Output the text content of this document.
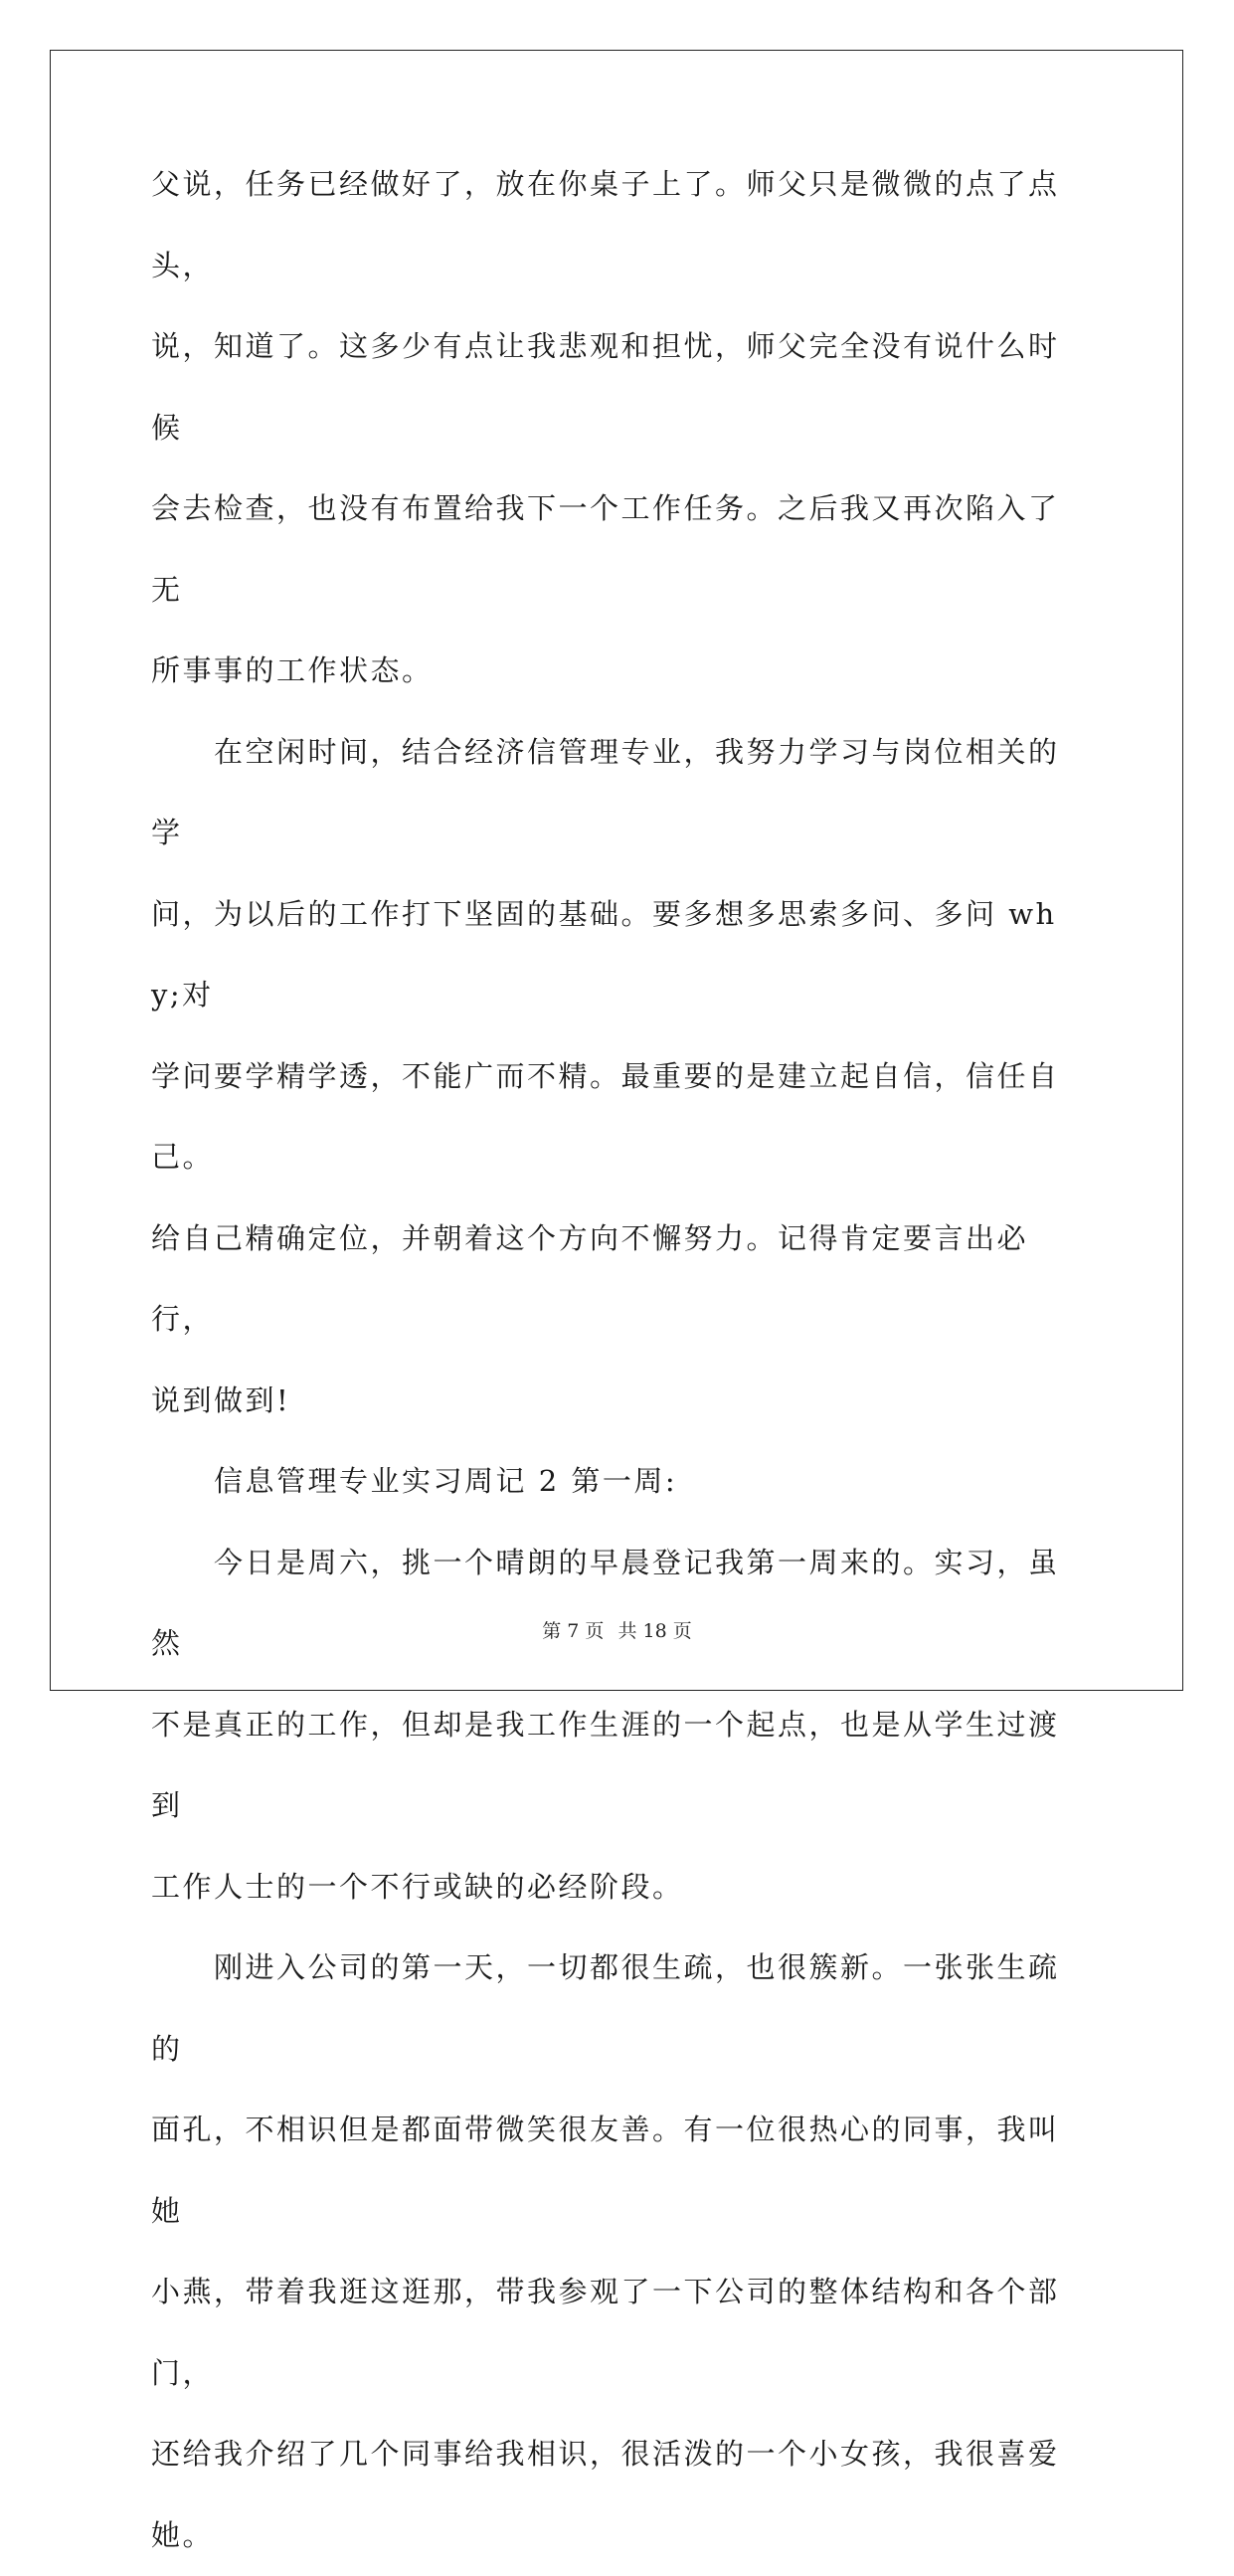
父说，任务已经做好了，放在你桌子上了。师父只是微微的点了点头，

说，知道了。这多少有点让我悲观和担忧，师父完全没有说什么时候

会去检查，也没有布置给我下一个工作任务。之后我又再次陷入了无

所事事的工作状态。

　　在空闲时间，结合经济信管理专业，我努力学习与岗位相关的学

问，为以后的工作打下坚固的基础。要多想多思索多问、多问 why;对

学问要学精学透，不能广而不精。最重要的是建立起自信，信任自己。

给自己精确定位，并朝着这个方向不懈努力。记得肯定要言出必行，

说到做到!

　　信息管理专业实习周记 2 第一周:

　　今日是周六，挑一个晴朗的早晨登记我第一周来的。实习，虽然

不是真正的工作，但却是我工作生涯的一个起点，也是从学生过渡到

工作人士的一个不行或缺的必经阶段。

　　刚进入公司的第一天，一切都很生疏，也很簇新。一张张生疏的

面孔，不相识但是都面带微笑很友善。有一位很热心的同事，我叫她

小燕，带着我逛这逛那，带我参观了一下公司的整体结构和各个部门，

还给我介绍了几个同事给我相识，很活泼的一个小女孩，我很喜爱她。

第 7 页 共 18 页
